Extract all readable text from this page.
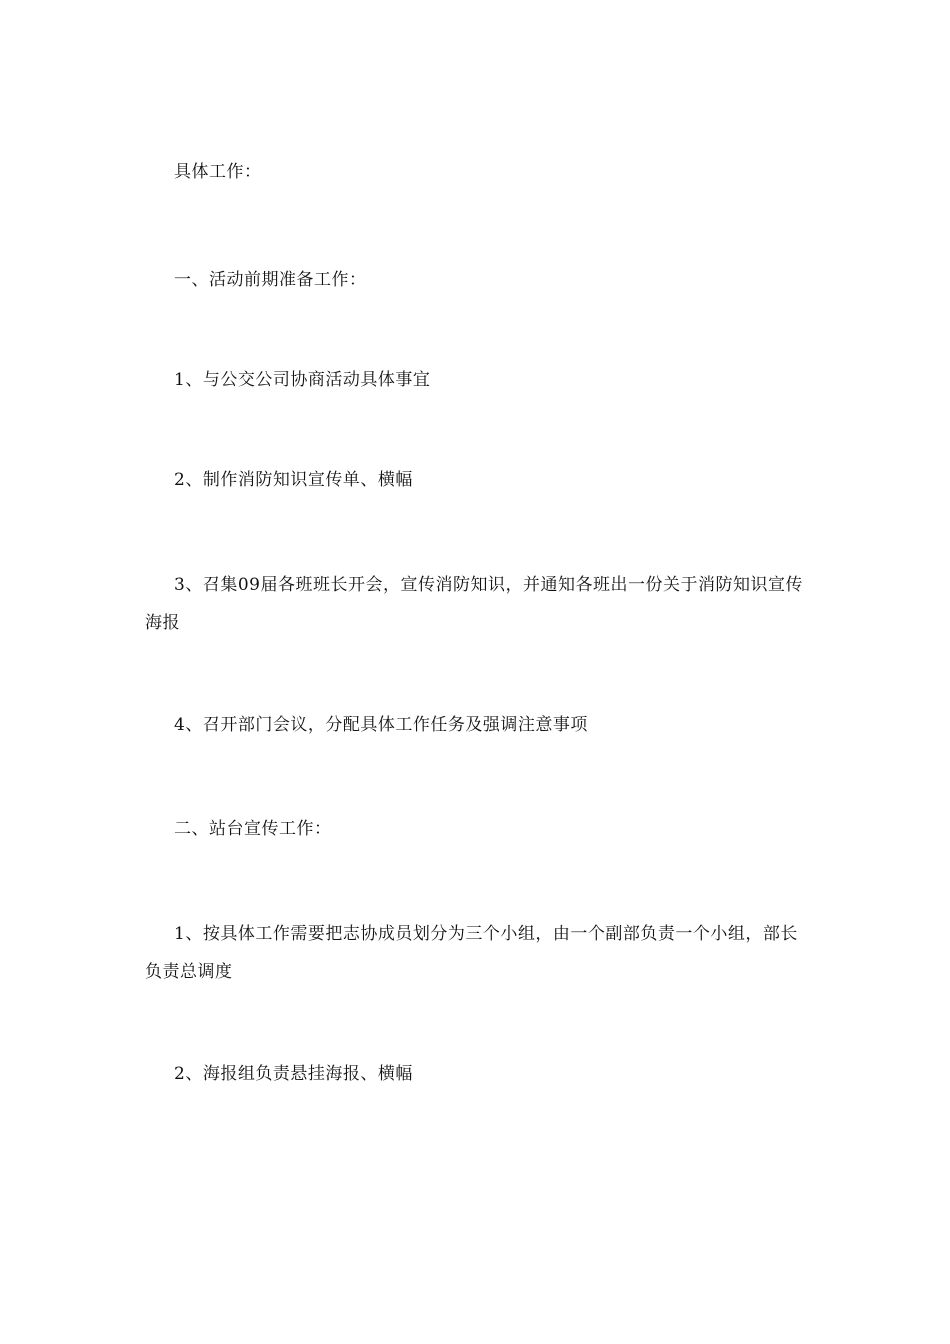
具体工作：

一、活动前期准备工作：

1、与公交公司协商活动具体事宜

2、制作消防知识宣传单、横幅

3、召集09届各班班长开会，宣传消防知识，并通知各班出一份关于消防知识宣传海报

4、召开部门会议，分配具体工作任务及强调注意事项

二、站台宣传工作：

1、按具体工作需要把志协成员划分为三个小组，由一个副部负责一个小组，部长负责总调度

2、海报组负责悬挂海报、横幅
